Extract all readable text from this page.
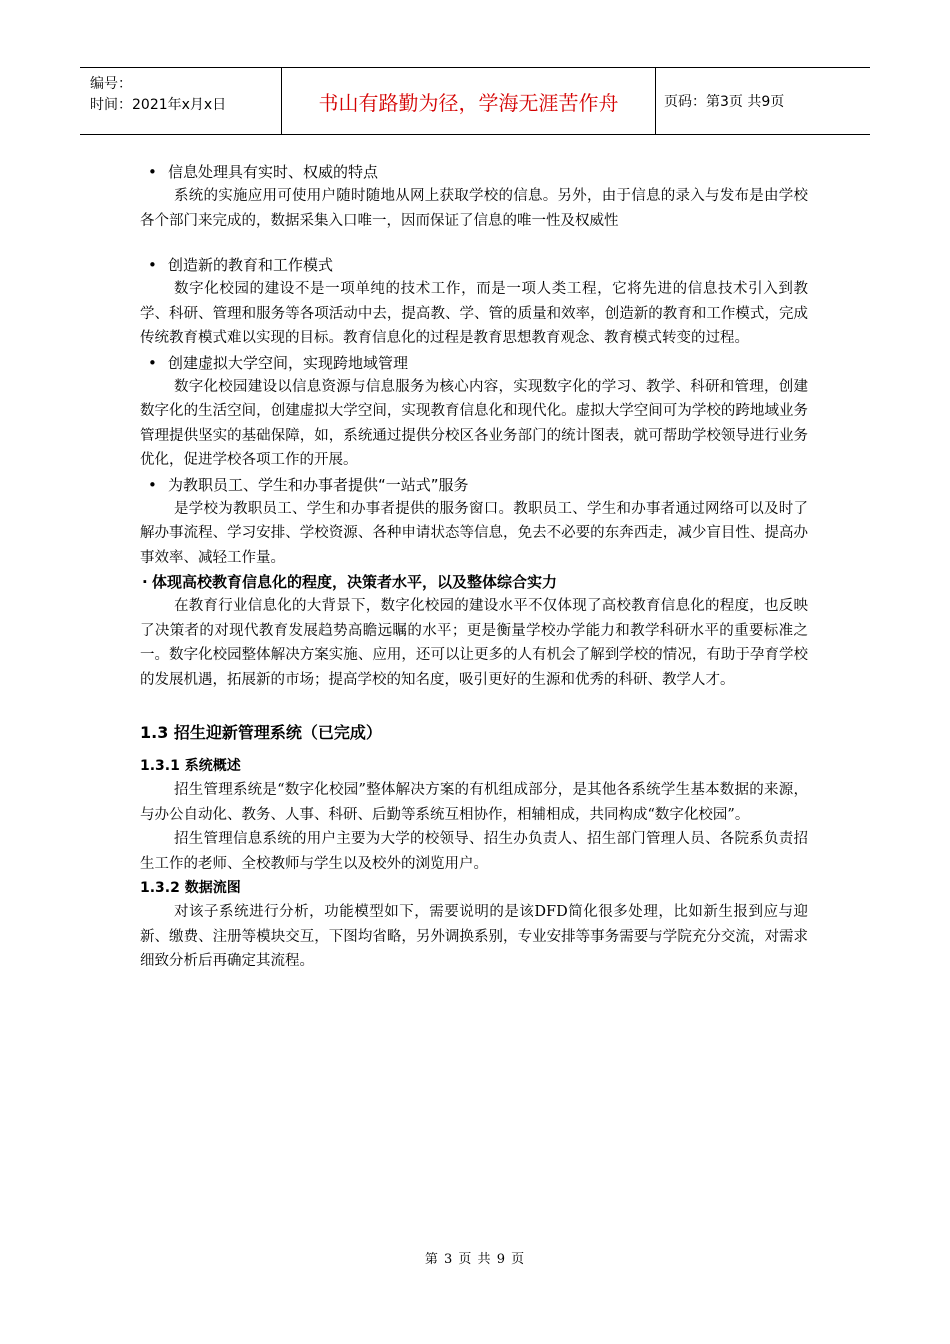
编号：
时间：2021年x月x日	书山有路勤为径，学海无涯苦作舟	页码：第3页 共9页
• 信息处理具有实时、权威的特点

系统的实施应用可使用户随时随地从网上获取学校的信息。另外，由于信息的录入与发布是由学校各个部门来完成的，数据采集入口唯一，因而保证了信息的唯一性及权威性

• 创造新的教育和工作模式

数字化校园的建设不是一项单纯的技术工作，而是一项人类工程，它将先进的信息技术引入到教学、科研、管理和服务等各项活动中去，提高教、学、管的质量和效率，创造新的教育和工作模式，完成传统教育模式难以实现的目标。教育信息化的过程是教育思想教育观念、教育模式转变的过程。

• 创建虚拟大学空间，实现跨地域管理

数字化校园建设以信息资源与信息服务为核心内容，实现数字化的学习、教学、科研和管理，创建数字化的生活空间，创建虚拟大学空间，实现教育信息化和现代化。虚拟大学空间可为学校的跨地域业务管理提供坚实的基础保障，如，系统通过提供分校区各业务部门的统计图表，就可帮助学校领导进行业务优化，促进学校各项工作的开展。

• 为教职员工、学生和办事者提供“一站式”服务

是学校为教职员工、学生和办事者提供的服务窗口。教职员工、学生和办事者通过网络可以及时了解办事流程、学习安排、学校资源、各种申请状态等信息，免去不必要的东奔西走，减少盲目性、提高办事效率、减轻工作量。

· 体现高校教育信息化的程度，决策者水平，以及整体综合实力

在教育行业信息化的大背景下，数字化校园的建设水平不仅体现了高校教育信息化的程度，也反映了决策者的对现代教育发展趋势高瞻远瞩的水平；更是衡量学校办学能力和教学科研水平的重要标准之一。数字化校园整体解决方案实施、应用，还可以让更多的人有机会了解到学校的情况，有助于孕育学校的发展机遇，拓展新的市场；提高学校的知名度，吸引更好的生源和优秀的科研、教学人才。

1.3 招生迎新管理系统（已完成）
1.3.1 系统概述

招生管理系统是“数字化校园”整体解决方案的有机组成部分，是其他各系统学生基本数据的来源，与办公自动化、教务、人事、科研、后勤等系统互相协作，相辅相成，共同构成“数字化校园”。

招生管理信息系统的用户主要为大学的校领导、招生办负责人、招生部门管理人员、各院系负责招生工作的老师、全校教师与学生以及校外的浏览用户。

1.3.2 数据流图

对该子系统进行分析，功能模型如下，需要说明的是该DFD简化很多处理，比如新生报到应与迎新、缴费、注册等模块交互，下图均省略，另外调换系别，专业安排等事务需要与学院充分交流，对需求细致分析后再确定其流程。

第 3 页 共 9 页
